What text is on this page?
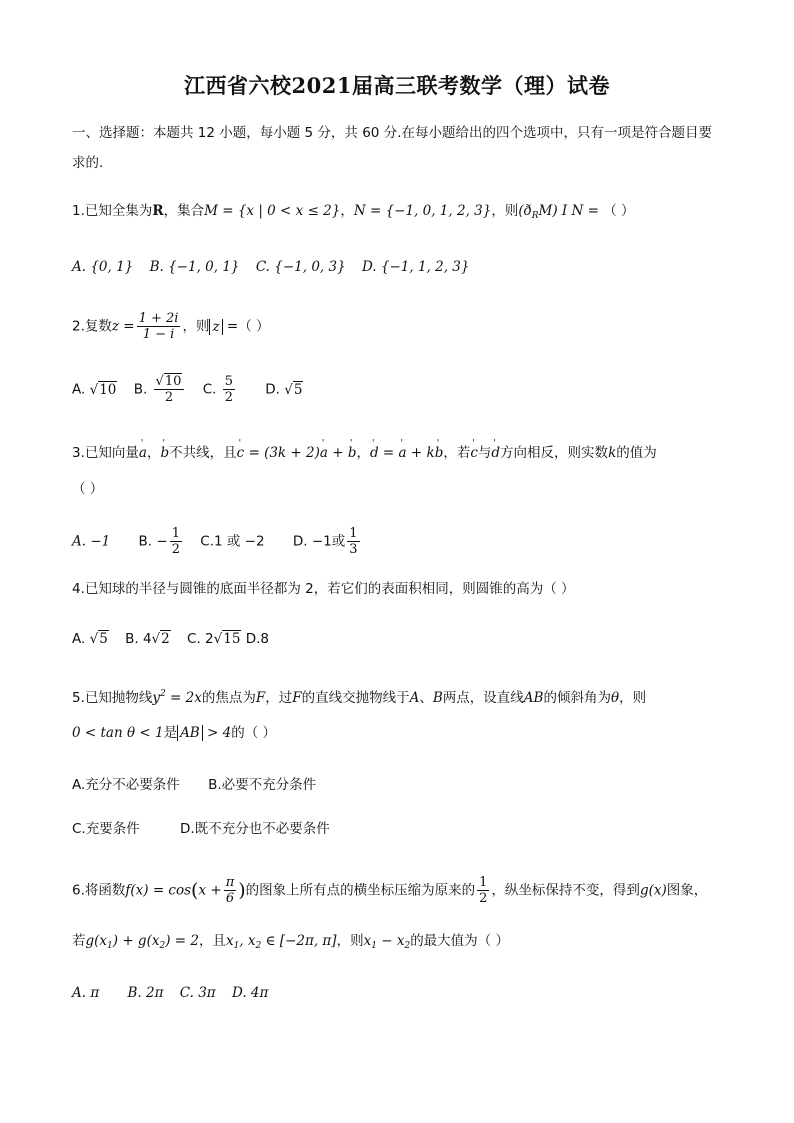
江西省六校2021届高三联考数学（理）试卷
一、选择题：本题共 12 小题，每小题 5 分，共 60 分.在每小题给出的四个选项中，只有一项是符合题目要
求的.
1.已知全集为R，集合M = {x | 0 < x ≤ 2}，N = {−1, 0, 1, 2, 3}，则$(ð_RM)$ I N = （ ）
A. {0, 1} B. {−1, 0, 1} C. {−1, 0, 3} D. {−1, 1, 2, 3}
2.复数$z = \frac{1 + 2i}{1 - i}$ ，则 z =（ ）
A. √10 B. $\frac{√10}{2} C$. $\frac{5}{2} D$. √5
3.已知向量' a，' b不共线，且' c = (3k + 2)' a + ' b，' d = ' a + k' b，若' c与' d方向相反，则实数k的值为
（ ）
A. −1 B. − $\frac{1}{2} C.1$ 或 −2 D. −1或 $\frac{1}{3}$
4.已知球的半径与圆锥的底面半径都为 2，若它们的表面积相同，则圆锥的高为（ ）
A. √5 B. 4√2 C. 2√15 D.8
5.已知抛物线$y^2 = 2x$的焦点为F，过F的直线交抛物线于A、B两点，设直线AB的倾斜角为θ，则
0 < tan θ < 1是 AB > 4的（ ）
A.充分不必要条件 B.必要不充分条件
C.充要条件	D.既不充分也不必要条件
6.将函数$f(x) = \cos(x + \frac{\pi}{6}$ )的图象上所有点的横坐标压缩为原来的 $\frac{1}{2}$ ，纵坐标保持不变，得到g(x)图象，
若$g(x_1) + g(x_2) = 2$，且$x_1$, $x_2$ ∈ [−2π, π]，则$x_1 - x_2$的最大值为（ ）
A. π B. 2π C. 3π D. 4π
